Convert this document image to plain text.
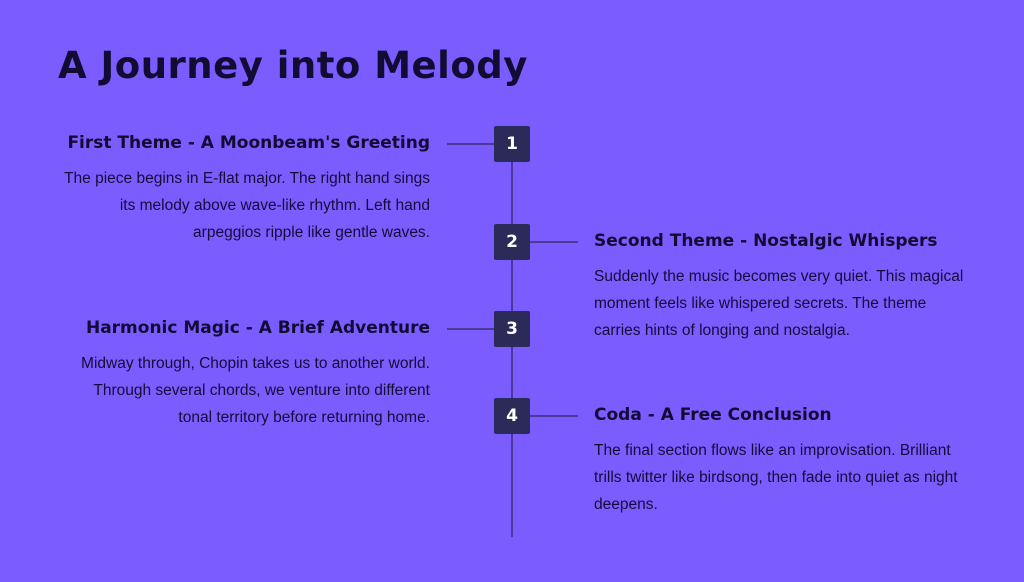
A Journey into Melody
1
First Theme - A Moonbeam's Greeting

The piece begins in E-flat major. The right hand sings its melody above wave-like rhythm. Left hand arpeggios ripple like gentle waves.	2	Second Theme - Nostalgic Whispers

Suddenly the music becomes very quiet. This magical moment feels like whispered secrets. The theme carries hints of longing and nostalgia.

3
Harmonic Magic - A Brief Adventure

Midway through, Chopin takes us to another world. Through several chords, we venture into different tonal territory before returning home.	4	Coda - A Free Conclusion

The final section flows like an improvisation. Brilliant trills twitter like birdsong, then fade into quiet as night deepens.
